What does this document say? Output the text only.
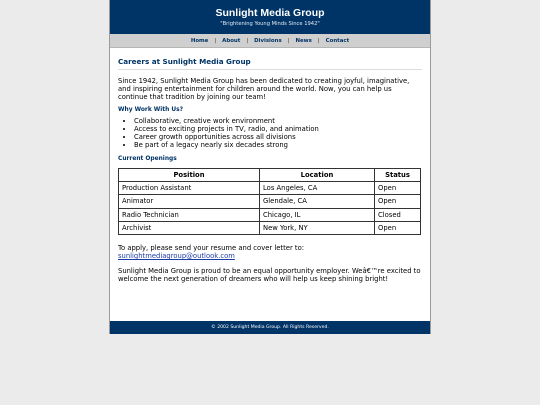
Sunlight Media Group
"Brightening Young Minds Since 1942"
Home | About | Divisions | News | Contact
Careers at Sunlight Media Group

Since 1942, Sunlight Media Group has been dedicated to creating joyful, imaginative, and inspiring entertainment for children around the world. Now, you can help us continue that tradition by joining our team!

Why Work With Us?
• Collaborative, creative work environment
• Access to exciting projects in TV, radio, and animation
• Career growth opportunities across all divisions
• Be part of a legacy nearly six decades strong
Current Openings
Position	Location	Status
Production Assistant	Los Angeles, CA	Open
Animator	Glendale, CA	Open
Radio Technician	Chicago, IL	Closed
Archivist	New York, NY	Open

To apply, please send your resume and cover letter to:
sunlightmediagroup@outlook.com

Sunlight Media Group is proud to be an equal opportunity employer. Weâ€™re excited to welcome the next generation of dreamers who will help us keep shining bright!

© 2002 Sunlight Media Group. All Rights Reserved.
